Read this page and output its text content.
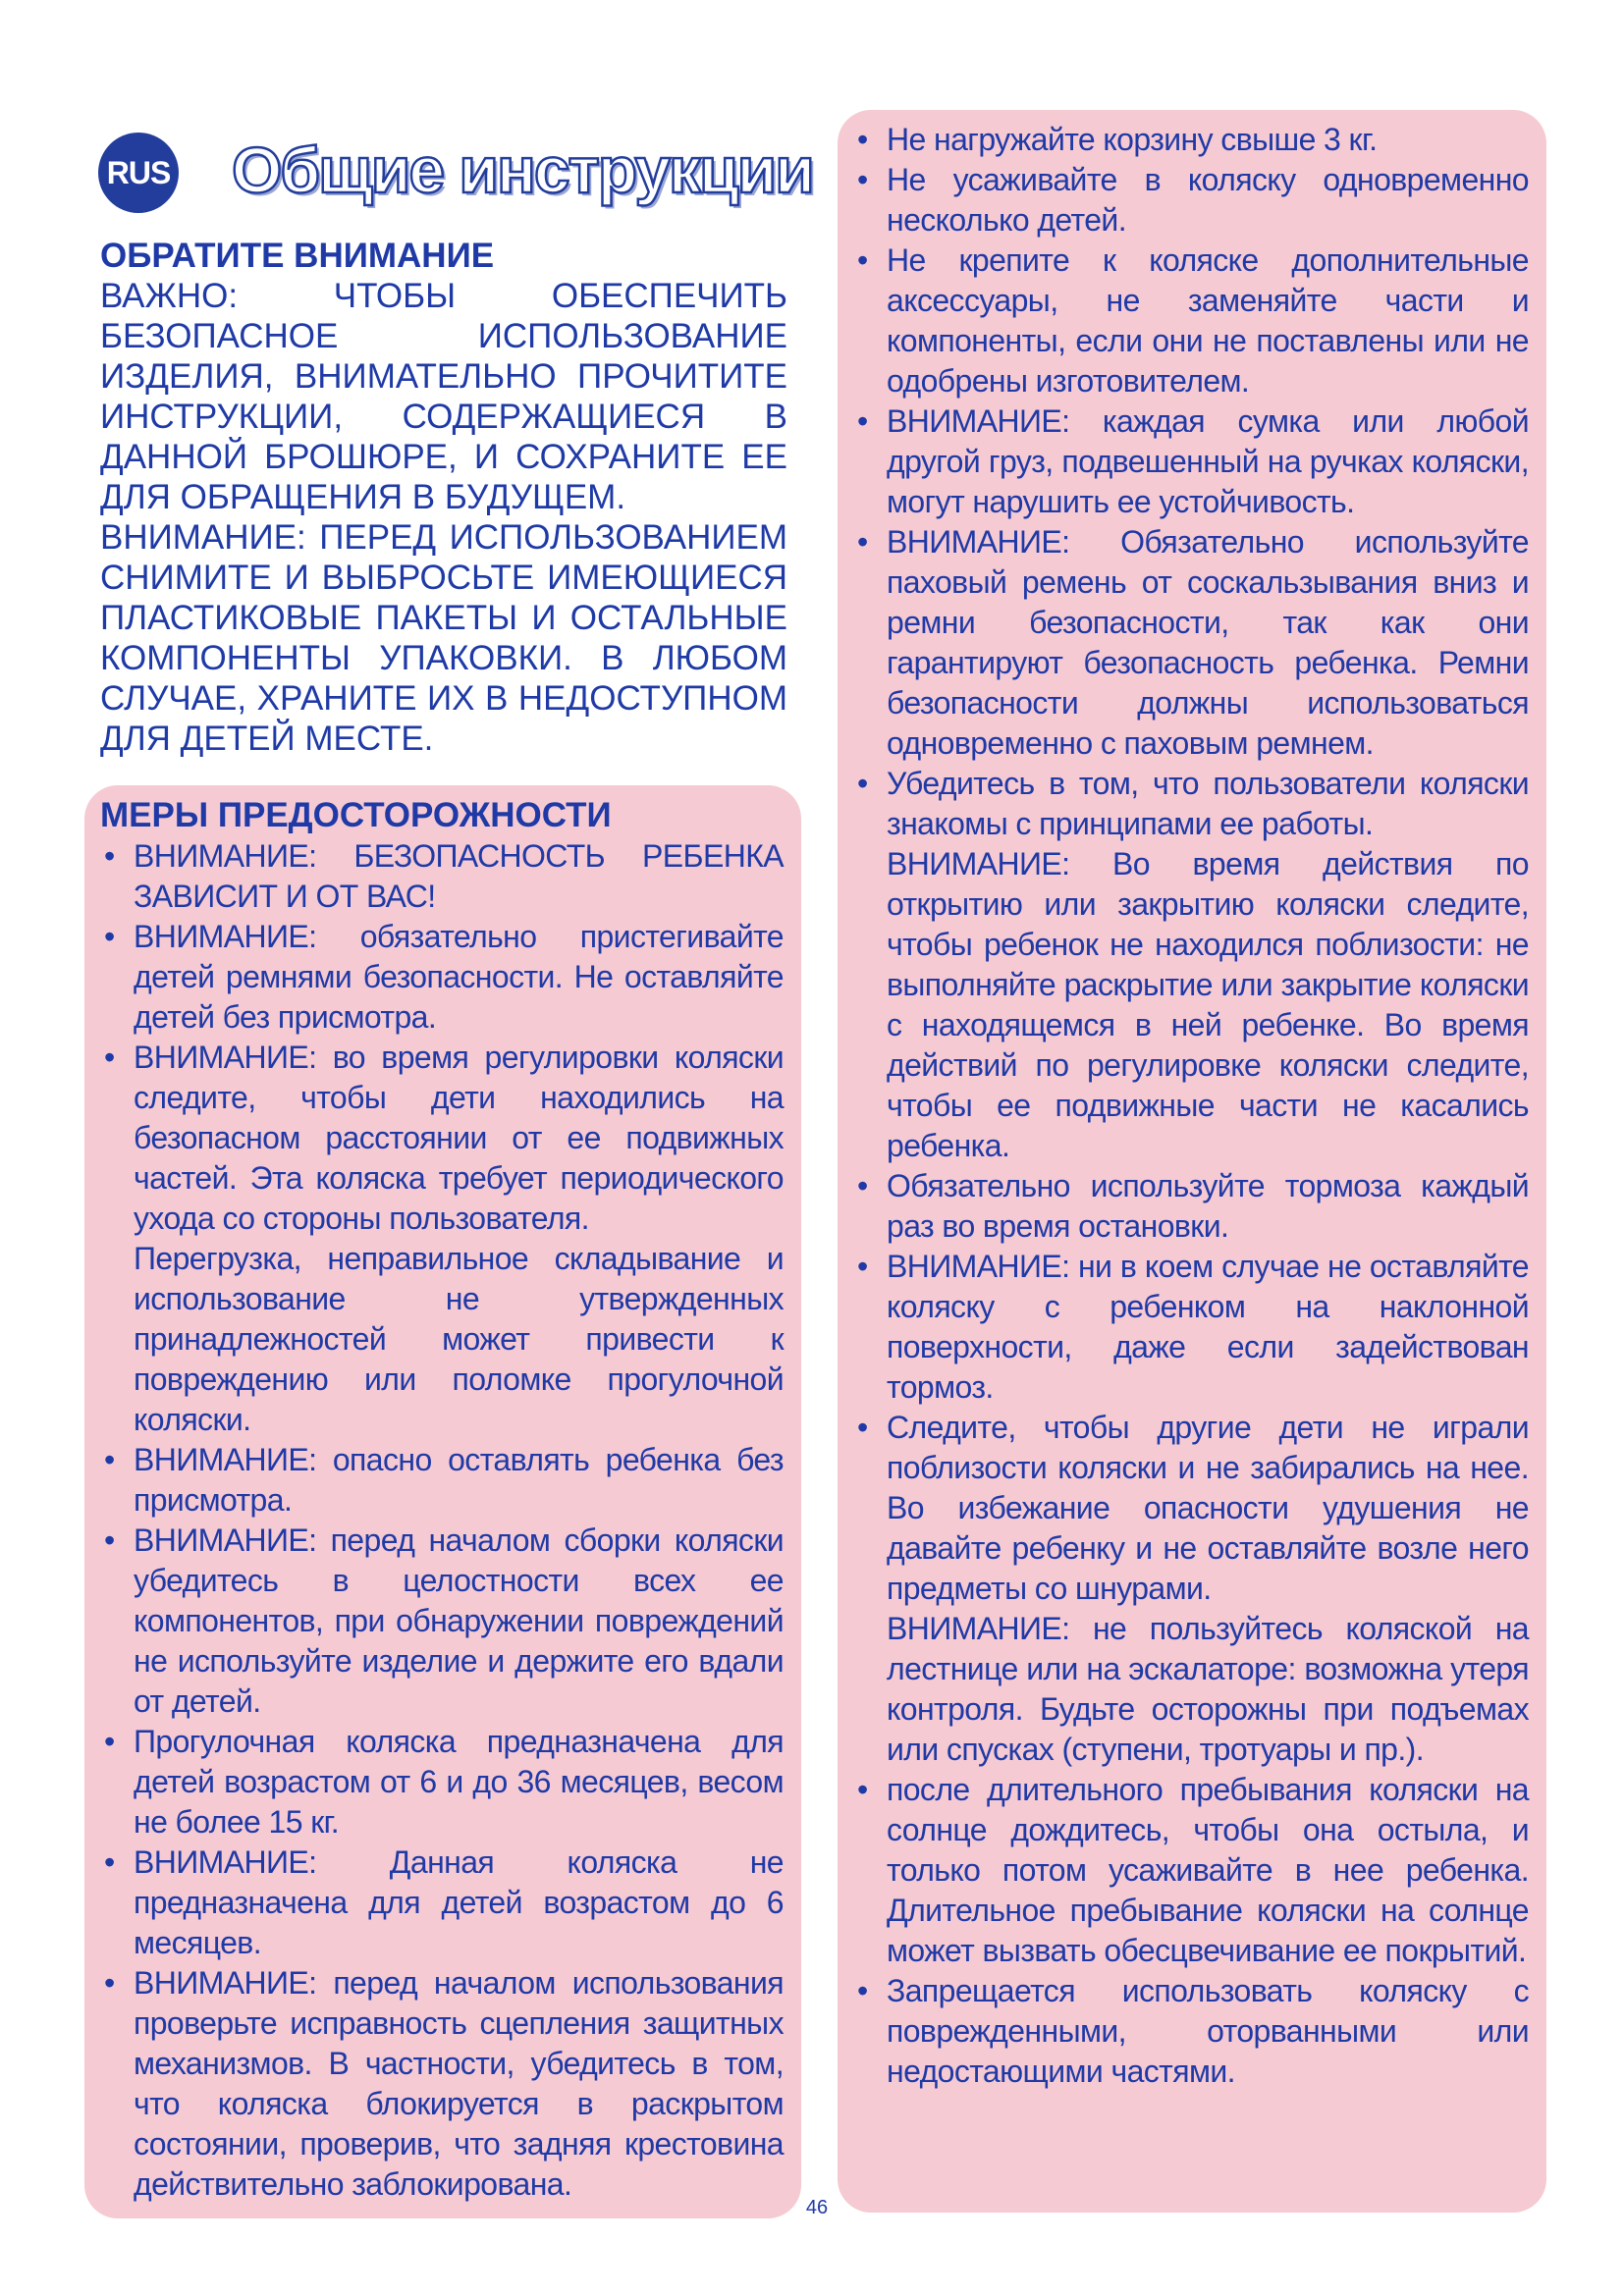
RUS Общие инструкции
ОБРАТИТЕ ВНИМАНИЕ
ВАЖНО: ЧТОБЫ ОБЕСПЕЧИТЬ БЕЗОПАСНОЕ ИСПОЛЬЗОВАНИЕ ИЗДЕЛИЯ, ВНИМАТЕЛЬНО ПРОЧИТИТЕ ИНСТРУКЦИИ, СОДЕРЖАЩИЕСЯ В ДАННОЙ БРОШЮРЕ, И СОХРАНИТЕ ЕЕ ДЛЯ ОБРАЩЕНИЯ В БУДУЩЕМ.
ВНИМАНИЕ: ПЕРЕД ИСПОЛЬЗОВАНИЕМ СНИМИТЕ И ВЫБРОСЬТЕ ИМЕЮЩИЕСЯ ПЛАСТИКОВЫЕ ПАКЕТЫ И ОСТАЛЬНЫЕ КОМПОНЕНТЫ УПАКОВКИ. В ЛЮБОМ СЛУЧАЕ, ХРАНИТЕ ИХ В НЕДОСТУПНОМ ДЛЯ ДЕТЕЙ МЕСТЕ.
МЕРЫ ПРЕДОСТОРОЖНОСТИ
• ВНИМАНИЕ: БЕЗОПАСНОСТЬ РЕБЕНКА ЗАВИСИТ И ОТ ВАС!
• ВНИМАНИЕ: обязательно пристегивайте детей ремнями безопасности. Не оставляйте детей без присмотра.
• ВНИМАНИЕ: во время регулировки коляски следите, чтобы дети находились на безопасном расстоянии от ее подвижных частей. Эта коляска требует периодического ухода со стороны пользователя.
Перегрузка, неправильное складывание и использование не утвержденных принадлежностей может привести к повреждению или поломке прогулочной коляски.
• ВНИМАНИЕ: опасно оставлять ребенка без присмотра.
• ВНИМАНИЕ: перед началом сборки коляски убедитесь в целостности всех ее компонентов, при обнаружении повреждений не используйте изделие и держите его вдали от детей.
• Прогулочная коляска предназначена для детей возрастом от 6 и до 36 месяцев, весом не более 15 кг.
• ВНИМАНИЕ: Данная коляска не предназначена для детей возрастом до 6 месяцев.
• ВНИМАНИЕ: перед началом использования проверьте исправность сцепления защитных механизмов. В частности, убедитесь в том, что коляска блокируется в раскрытом состоянии, проверив, что задняя крестовина действительно заблокирована.
• Не нагружайте корзину свыше 3 кг.
• Не усаживайте в коляску одновременно несколько детей.
• Не крепите к коляске дополнительные аксессуары, не заменяйте части и компоненты, если они не поставлены или не одобрены изготовителем.
• ВНИМАНИЕ: каждая сумка или любой другой груз, подвешенный на ручках коляски, могут нарушить ее устойчивость.
• ВНИМАНИЕ: Обязательно используйте паховый ремень от соскальзывания вниз и ремни безопасности, так как они гарантируют безопасность ребенка. Ремни безопасности должны использоваться одновременно с паховым ремнем.
• Убедитесь в том, что пользователи коляски знакомы с принципами ее работы.
ВНИМАНИЕ: Во время действия по открытию или закрытию коляски следите, чтобы ребенок не находился поблизости: не выполняйте раскрытие или закрытие коляски с находящемся в ней ребенке. Во время действий по регулировке коляски следите, чтобы ее подвижные части не касались ребенка.
• Обязательно используйте тормоза каждый раз во время остановки.
• ВНИМАНИЕ: ни в коем случае не оставляйте коляску с ребенком на наклонной поверхности, даже если задействован тормоз.
• Следите, чтобы другие дети не играли поблизости коляски и не забирались на нее. Во избежание опасности удушения не давайте ребенку и не оставляйте возле него предметы со шнурами.
ВНИМАНИЕ: не пользуйтесь коляской на лестнице или на эскалаторе: возможна утеря контроля. Будьте осторожны при подъемах или спусках (ступени, тротуары и пр.).
• после длительного пребывания коляски на солнце дождитесь, чтобы она остыла, и только потом усаживайте в нее ребенка. Длительное пребывание коляски на солнце может вызвать обесцвечивание ее покрытий.
• Запрещается использовать коляску с поврежденными, оторванными или недостающими частями.
46
